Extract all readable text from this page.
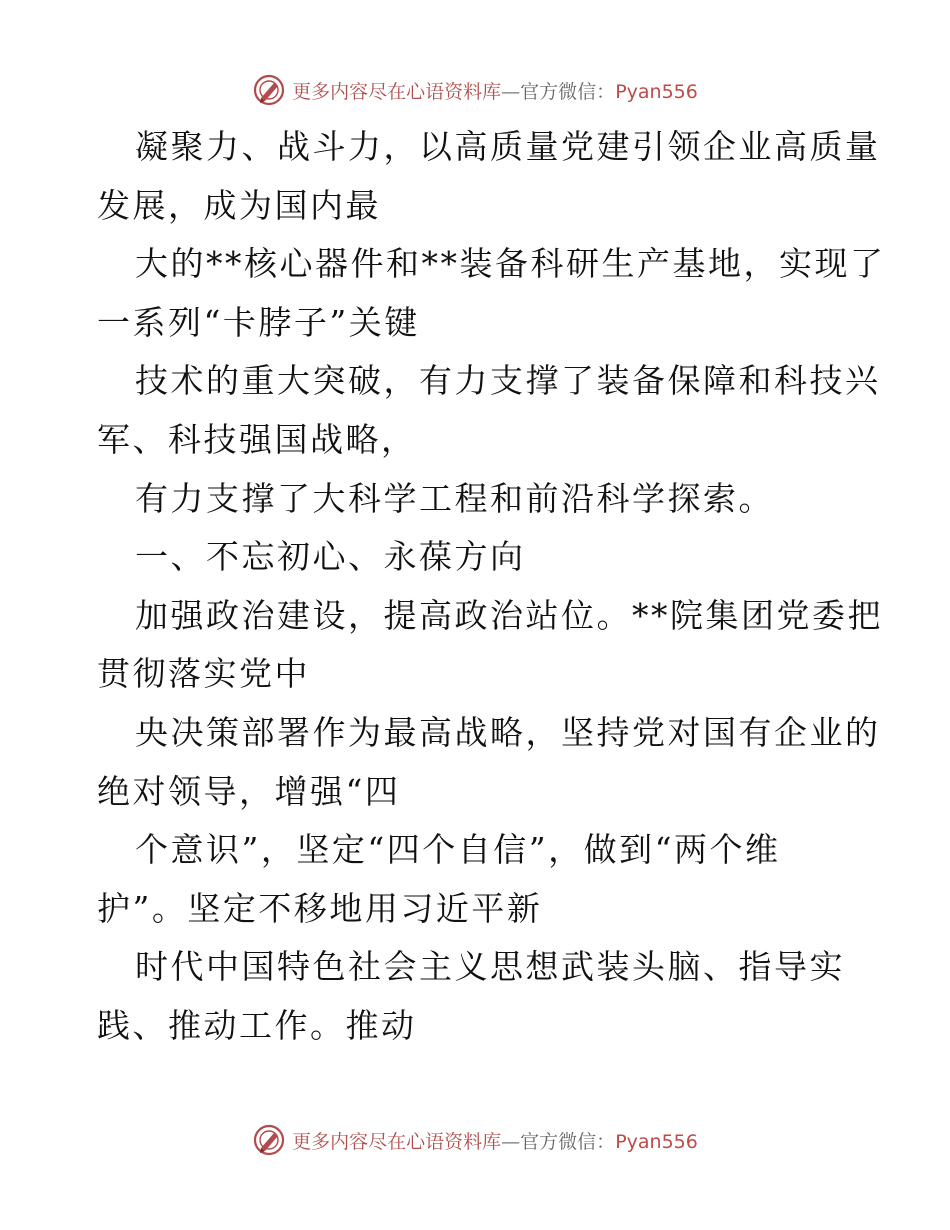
更多内容尽在心语资料库—官方微信：Pyan556
凝聚力、战斗力，以高质量党建引领企业高质量
发展，成为国内最
大的**核心器件和**装备科研生产基地，实现了
一系列“卡脖子”关键
技术的重大突破，有力支撑了装备保障和科技兴
军、科技强国战略，
有力支撑了大科学工程和前沿科学探索。
一、不忘初心、永葆方向
加强政治建设，提高政治站位。**院集团党委把
贯彻落实党中
央决策部署作为最高战略，坚持党对国有企业的
绝对领导，增强“四
个意识”，坚定“四个自信”，做到“两个维
护”。坚定不移地用习近平新
时代中国特色社会主义思想武装头脑、指导实
践、推动工作。推动
更多内容尽在心语资料库—官方微信：Pyan556
